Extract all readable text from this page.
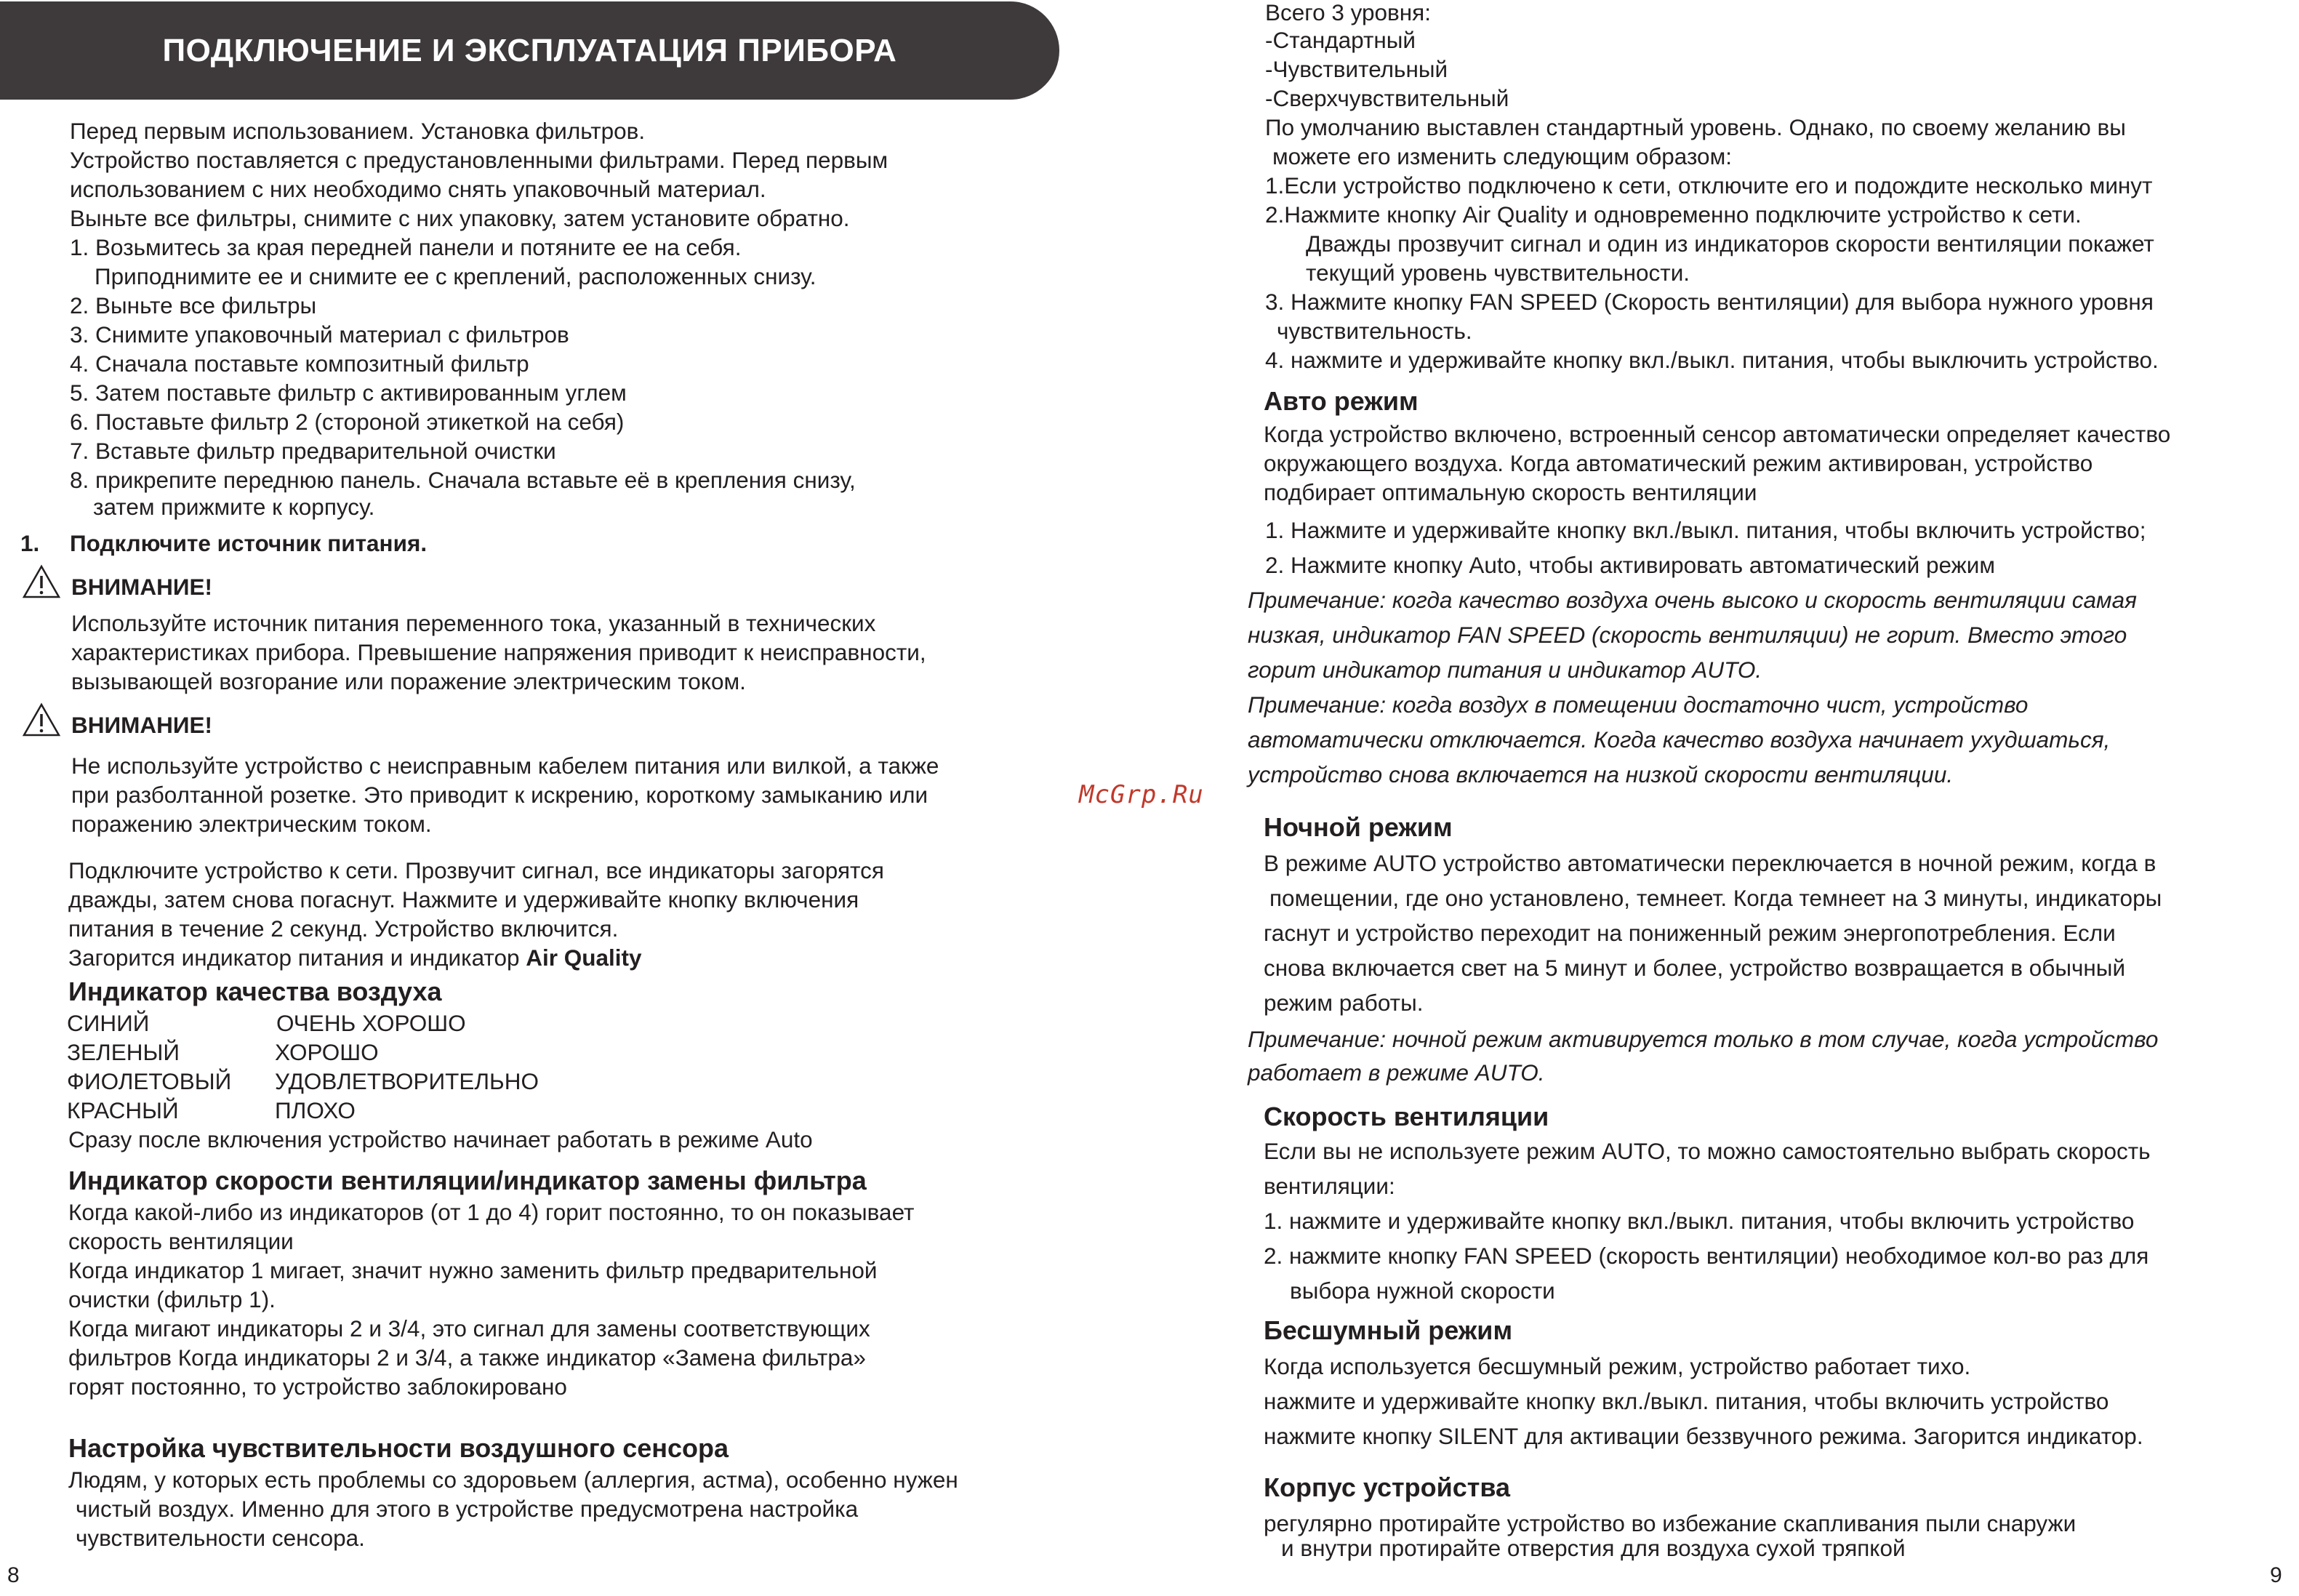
ПОДКЛЮЧЕНИЕ И ЭКСПЛУАТАЦИЯ ПРИБОРА
Перед первым использованием. Установка фильтров.
Устройство поставляется с предустановленными фильтрами. Перед первым
использованием с них необходимо снять упаковочный материал.
Выньте все фильтры, снимите с них упаковку, затем установите обратно.
1. Возьмитесь за края передней панели и потяните ее на себя.
Приподнимите ее и снимите ее с креплений, расположенных снизу.
2. Выньте все фильтры
3. Снимите упаковочный материал с фильтров
4. Сначала поставьте композитный фильтр
5. Затем поставьте фильтр с активированным углем
6. Поставьте фильтр 2 (стороной этикеткой на себя)
7. Вставьте фильтр предварительной очистки
8. прикрепите переднюю панель. Сначала вставьте её в крепления снизу,
затем прижмите к корпусу.
1. Подключите источник питания.
ВНИМАНИЕ!
Используйте источник питания переменного тока, указанный в технических
характеристиках прибора. Превышение напряжения приводит к неисправности,
вызывающей возгорание или поражение электрическим током.
ВНИМАНИЕ!
Не используйте устройство с неисправным кабелем питания или вилкой, а также
при разболтанной розетке. Это приводит к искрению, короткому замыканию или
поражению электрическим током.
Подключите устройство к сети. Прозвучит сигнал, все индикаторы загорятся
дважды, затем снова погаснут. Нажмите и удерживайте кнопку включения
питания в течение 2 секунд. Устройство включится.
Загорится индикатор питания и индикатор Air Quality
Индикатор качества воздуха
СИНИЙ	ОЧЕНЬ ХОРОШО
ЗЕЛЕНЫЙ	ХОРОШО
ФИОЛЕТОВЫЙ УДОВЛЕТВОРИТЕЛЬНО
КРАСНЫЙ	ПЛОХО
Сразу после включения устройство начинает работать в режиме Auto
Индикатор скорости вентиляции/индикатор замены фильтра
Когда какой-либо из индикаторов (от 1 до 4) горит постоянно, то он показывает
скорость вентиляции
Когда индикатор 1 мигает, значит нужно заменить фильтр предварительной
очистки (фильтр 1).
Когда мигают индикаторы 2 и 3/4, это сигнал для замены соответствующих
фильтров Когда индикаторы 2 и 3/4, а также индикатор «Замена фильтра»
горят постоянно, то устройство заблокировано
Настройка чувствительности воздушного сенсора
Людям, у которых есть проблемы со здоровьем (аллергия, астма), особенно нужен
чистый воздух. Именно для этого в устройстве предусмотрена настройка
чувствительности сенсора.
8
McGrp.Ru
Всего 3 уровня:
-Стандартный
-Чувствительный
-Сверхчувствительный
По умолчанию выставлен стандартный уровень. Однако, по своему желанию вы
можете его изменить следующим образом:
1.Если устройство подключено к сети, отключите его и подождите несколько минут
2.Нажмите кнопку Air Quality и одновременно подключите устройство к сети.
Дважды прозвучит сигнал и один из индикаторов скорости вентиляции покажет
текущий уровень чувствительности.
3. Нажмите кнопку FAN SPEED (Скорость вентиляции) для выбора нужного уровня
чувствительность.
4. нажмите и удерживайте кнопку вкл./выкл. питания, чтобы выключить устройство.
Авто режим
Когда устройство включено, встроенный сенсор автоматически определяет качество
окружающего воздуха. Когда автоматический режим активирован, устройство
подбирает оптимальную скорость вентиляции
1. Нажмите и удерживайте кнопку вкл./выкл. питания, чтобы включить устройство;
2. Нажмите кнопку Auto, чтобы активировать автоматический режим
Примечание: когда качество воздуха очень высоко и скорость вентиляции самая
низкая, индикатор FAN SPEED (скорость вентиляции) не горит. Вместо этого
горит индикатор питания и индикатор AUTO.
Примечание: когда воздух в помещении достаточно чист, устройство
автоматически отключается. Когда качество воздуха начинает ухудшаться,
устройство снова включается на низкой скорости вентиляции.
Ночной режим
В режиме AUTO устройство автоматически переключается в ночной режим, когда в
помещении, где оно установлено, темнеет. Когда темнеет на 3 минуты, индикаторы
гаснут и устройство переходит на пониженный режим энергопотребления. Если
снова включается свет на 5 минут и более, устройство возвращается в обычный
режим работы.
Примечание: ночной режим активируется только в том случае, когда устройство
работает в режиме AUTO.
Скорость вентиляции
Если вы не используете режим AUTO, то можно самостоятельно выбрать скорость
вентиляции:
1. нажмите и удерживайте кнопку вкл./выкл. питания, чтобы включить устройство
2. нажмите кнопку FAN SPEED (скорость вентиляции) необходимое кол-во раз для
выбора нужной скорости
Бесшумный режим
Когда используется бесшумный режим, устройство работает тихо.
нажмите и удерживайте кнопку вкл./выкл. питания, чтобы включить устройство
нажмите кнопку SILENT для активации беззвучного режима. Загорится индикатор.
Корпус устройства
регулярно протирайте устройство во избежание скапливания пыли снаружи
и внутри протирайте отверстия для воздуха сухой тряпкой
9
